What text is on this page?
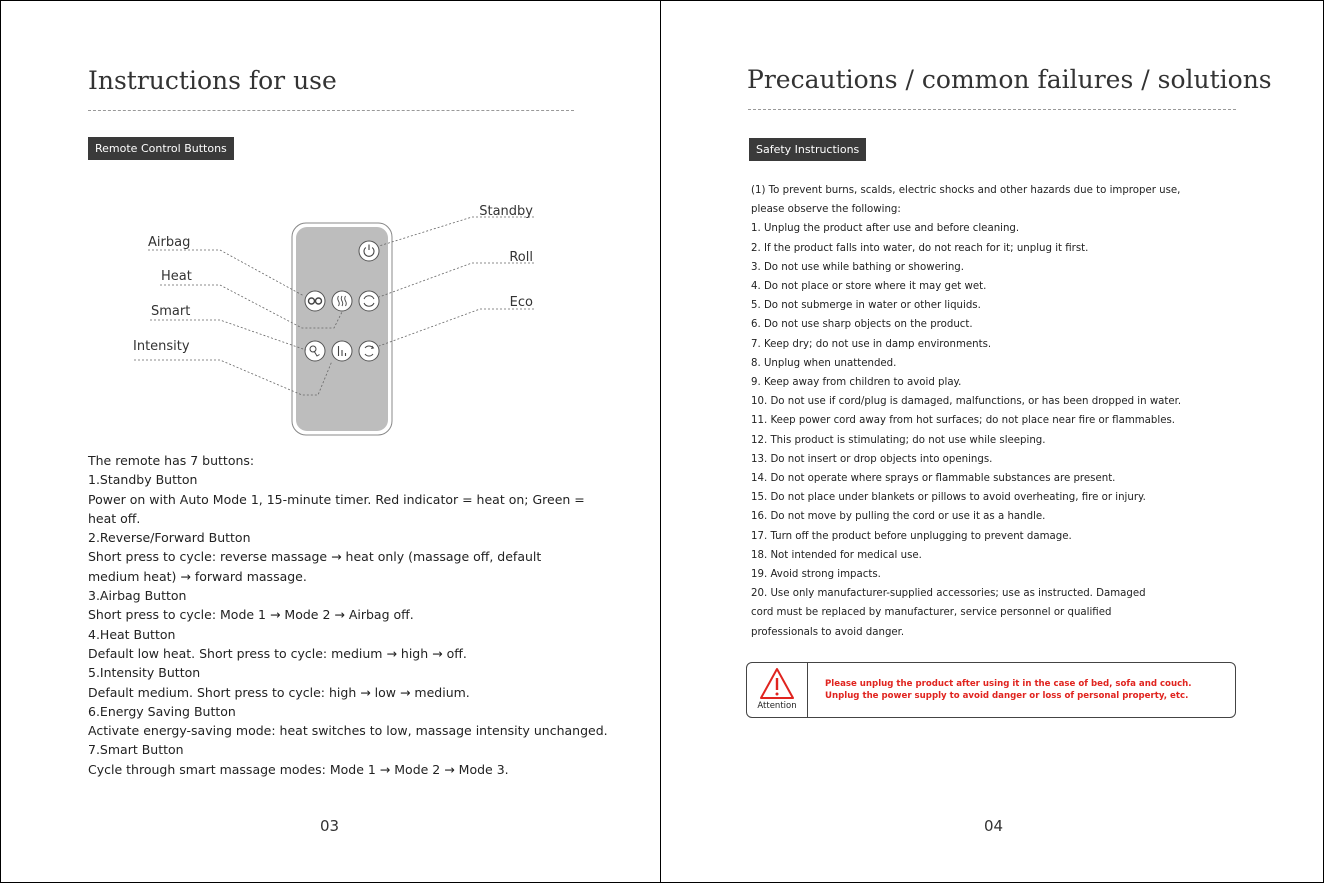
Instructions for use
Remote Control Buttons
Airbag
Heat
Smart
Intensity
Standby
Roll
Eco
The remote has 7 buttons:
1.Standby Button
Power on with Auto Mode 1, 15-minute timer. Red indicator = heat on; Green =
heat off.
2.Reverse/Forward Button
Short press to cycle: reverse massage → heat only (massage off, default
medium heat) → forward massage.
3.Airbag Button
Short press to cycle: Mode 1 → Mode 2 → Airbag off.
4.Heat Button
Default low heat. Short press to cycle: medium → high → off.
5.Intensity Button
Default medium. Short press to cycle: high → low → medium.
6.Energy Saving Button
Activate energy-saving mode: heat switches to low, massage intensity unchanged.
7.Smart Button
Cycle through smart massage modes: Mode 1 → Mode 2 → Mode 3.
03
Precautions / common failures / solutions
Safety Instructions
(1) To prevent burns, scalds, electric shocks and other hazards due to improper use,
please observe the following:
1. Unplug the product after use and before cleaning.
2. If the product falls into water, do not reach for it; unplug it first.
3. Do not use while bathing or showering.
4. Do not place or store where it may get wet.
5. Do not submerge in water or other liquids.
6. Do not use sharp objects on the product.
7. Keep dry; do not use in damp environments.
8. Unplug when unattended.
9. Keep away from children to avoid play.
10. Do not use if cord/plug is damaged, malfunctions, or has been dropped in water.
11. Keep power cord away from hot surfaces; do not place near fire or flammables.
12. This product is stimulating; do not use while sleeping.
13. Do not insert or drop objects into openings.
14. Do not operate where sprays or flammable substances are present.
15. Do not place under blankets or pillows to avoid overheating, fire or injury.
16. Do not move by pulling the cord or use it as a handle.
17. Turn off the product before unplugging to prevent damage.
18. Not intended for medical use.
19. Avoid strong impacts.
20. Use only manufacturer-supplied accessories; use as instructed. Damaged
cord must be replaced by manufacturer, service personnel or qualified
professionals to avoid danger.
Attention
Please unplug the product after using it in the case of bed, sofa and couch.
Unplug the power supply to avoid danger or loss of personal property, etc.
04
